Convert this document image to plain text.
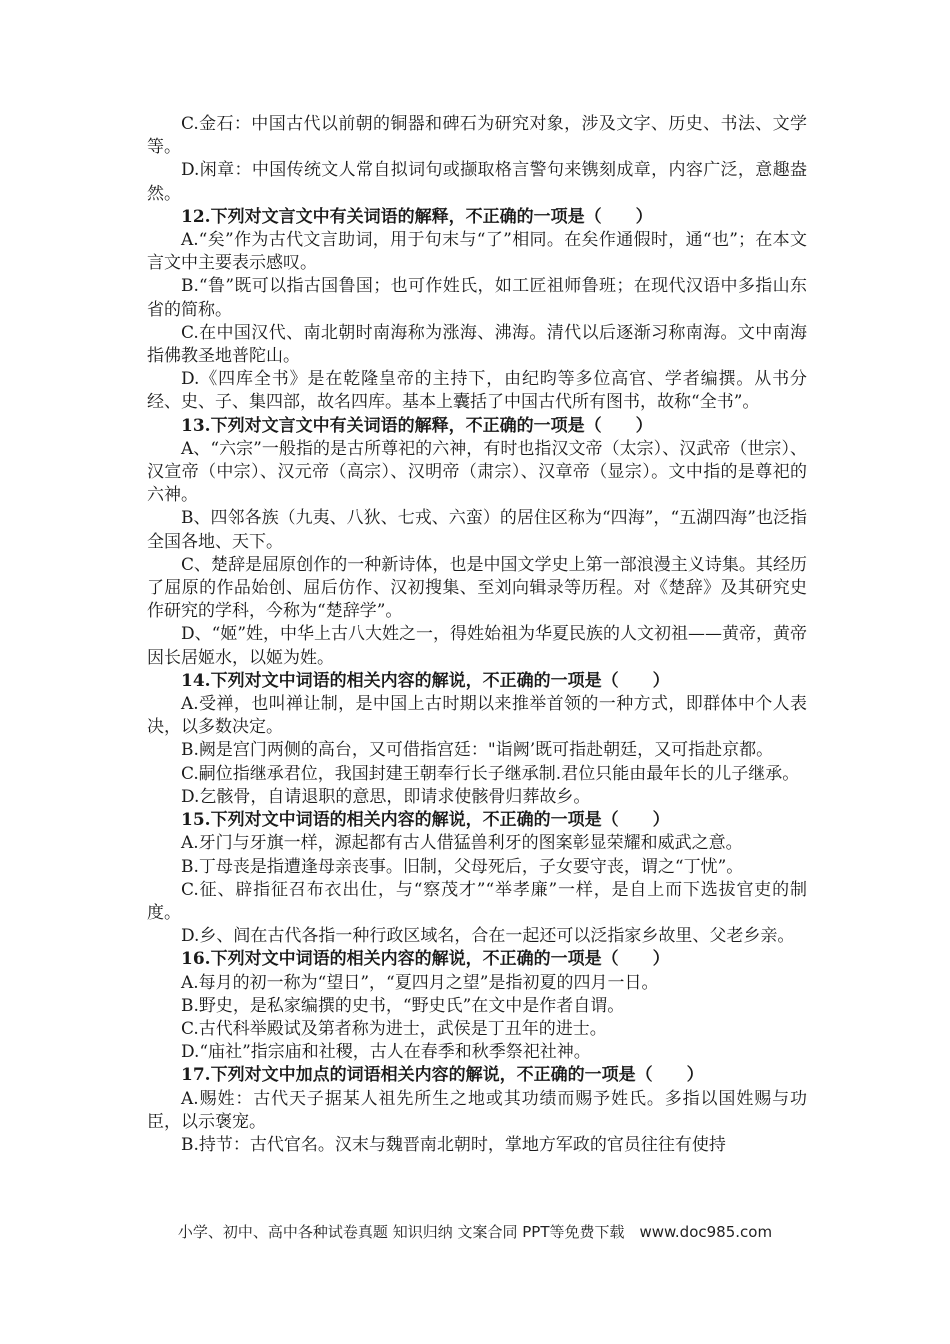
C.金石：中国古代以前朝的铜器和碑石为研究对象，涉及文字、历史、书法、文学等。

D.闲章：中国传统文人常自拟词句或撷取格言警句来镌刻成章，内容广泛，意趣盎然。

12.下列对文言文中有关词语的解释，不正确的一项是（　　）

A.“矣”作为古代文言助词，用于句末与“了”相同。在矣作通假时，通“也”；在本文言文中主要表示感叹。

B.“鲁”既可以指古国鲁国；也可作姓氏，如工匠祖师鲁班；在现代汉语中多指山东省的简称。

C.在中国汉代、南北朝时南海称为涨海、沸海。清代以后逐渐习称南海。文中南海指佛教圣地普陀山。

D.《四库全书》是在乾隆皇帝的主持下，由纪昀等多位高官、学者编撰。从书分经、史、子、集四部，故名四库。基本上囊括了中国古代所有图书，故称“全书”。

13.下列对文言文中有关词语的解释，不正确的一项是（　　）

A、“六宗”一般指的是古所尊祀的六神，有时也指汉文帝（太宗）、汉武帝（世宗）、汉宣帝（中宗）、汉元帝（高宗）、汉明帝（肃宗）、汉章帝（显宗）。文中指的是尊祀的六神。

B、四邻各族（九夷、八狄、七戎、六蛮）的居住区称为“四海”，“五湖四海”也泛指全国各地、天下。

C、楚辞是屈原创作的一种新诗体，也是中国文学史上第一部浪漫主义诗集。其经历了屈原的作品始创、屈后仿作、汉初搜集、至刘向辑录等历程。对《楚辞》及其研究史作研究的学科，今称为“楚辞学”。

D、“姬”姓，中华上古八大姓之一，得姓始祖为华夏民族的人文初祖——黄帝，黄帝因长居姬水，以姬为姓。

14.下列对文中词语的相关内容的解说，不正确的一项是（　　）

A.受禅，也叫禅让制，是中国上古时期以来推举首领的一种方式，即群体中个人表决，以多数决定。

B.阙是宫门两侧的高台，又可借指宫廷："诣阙’既可指赴朝廷，又可指赴京都。

C.嗣位指继承君位，我国封建王朝奉行长子继承制.君位只能由最年长的儿子继承。

D.乞骸骨，自请退职的意思，即请求使骸骨归葬故乡。

15.下列对文中词语的相关内容的解说，不正确的一项是（　　）

A.牙门与牙旗一样，源起都有古人借猛兽利牙的图案彰显荣耀和威武之意。

B.丁母丧是指遭逢母亲丧事。旧制，父母死后，子女要守丧，谓之“丁忧”。

C.征、辟指征召布衣出仕，与“察茂才”“举孝廉”一样，是自上而下选拔官吏的制度。

D.乡、闾在古代各指一种行政区域名，合在一起还可以泛指家乡故里、父老乡亲。

16.下列对文中词语的相关内容的解说，不正确的一项是（　　）

A.每月的初一称为“望日”，“夏四月之望”是指初夏的四月一日。

B.野史，是私家编撰的史书，“野史氏”在文中是作者自谓。

C.古代科举殿试及第者称为进士，武侯是丁丑年的进士。

D.“庙社”指宗庙和社稷，古人在春季和秋季祭祀社神。

17.下列对文中加点的词语相关内容的解说，不正确的一项是（　　）

A.赐姓：古代天子据某人祖先所生之地或其功绩而赐予姓氏。多指以国姓赐与功臣，以示褒宠。

B.持节：古代官名。汉末与魏晋南北朝时，掌地方军政的官员往往有使持

小学、初中、高中各种试卷真题 知识归纳 文案合同 PPT等免费下载　www.doc985.com
